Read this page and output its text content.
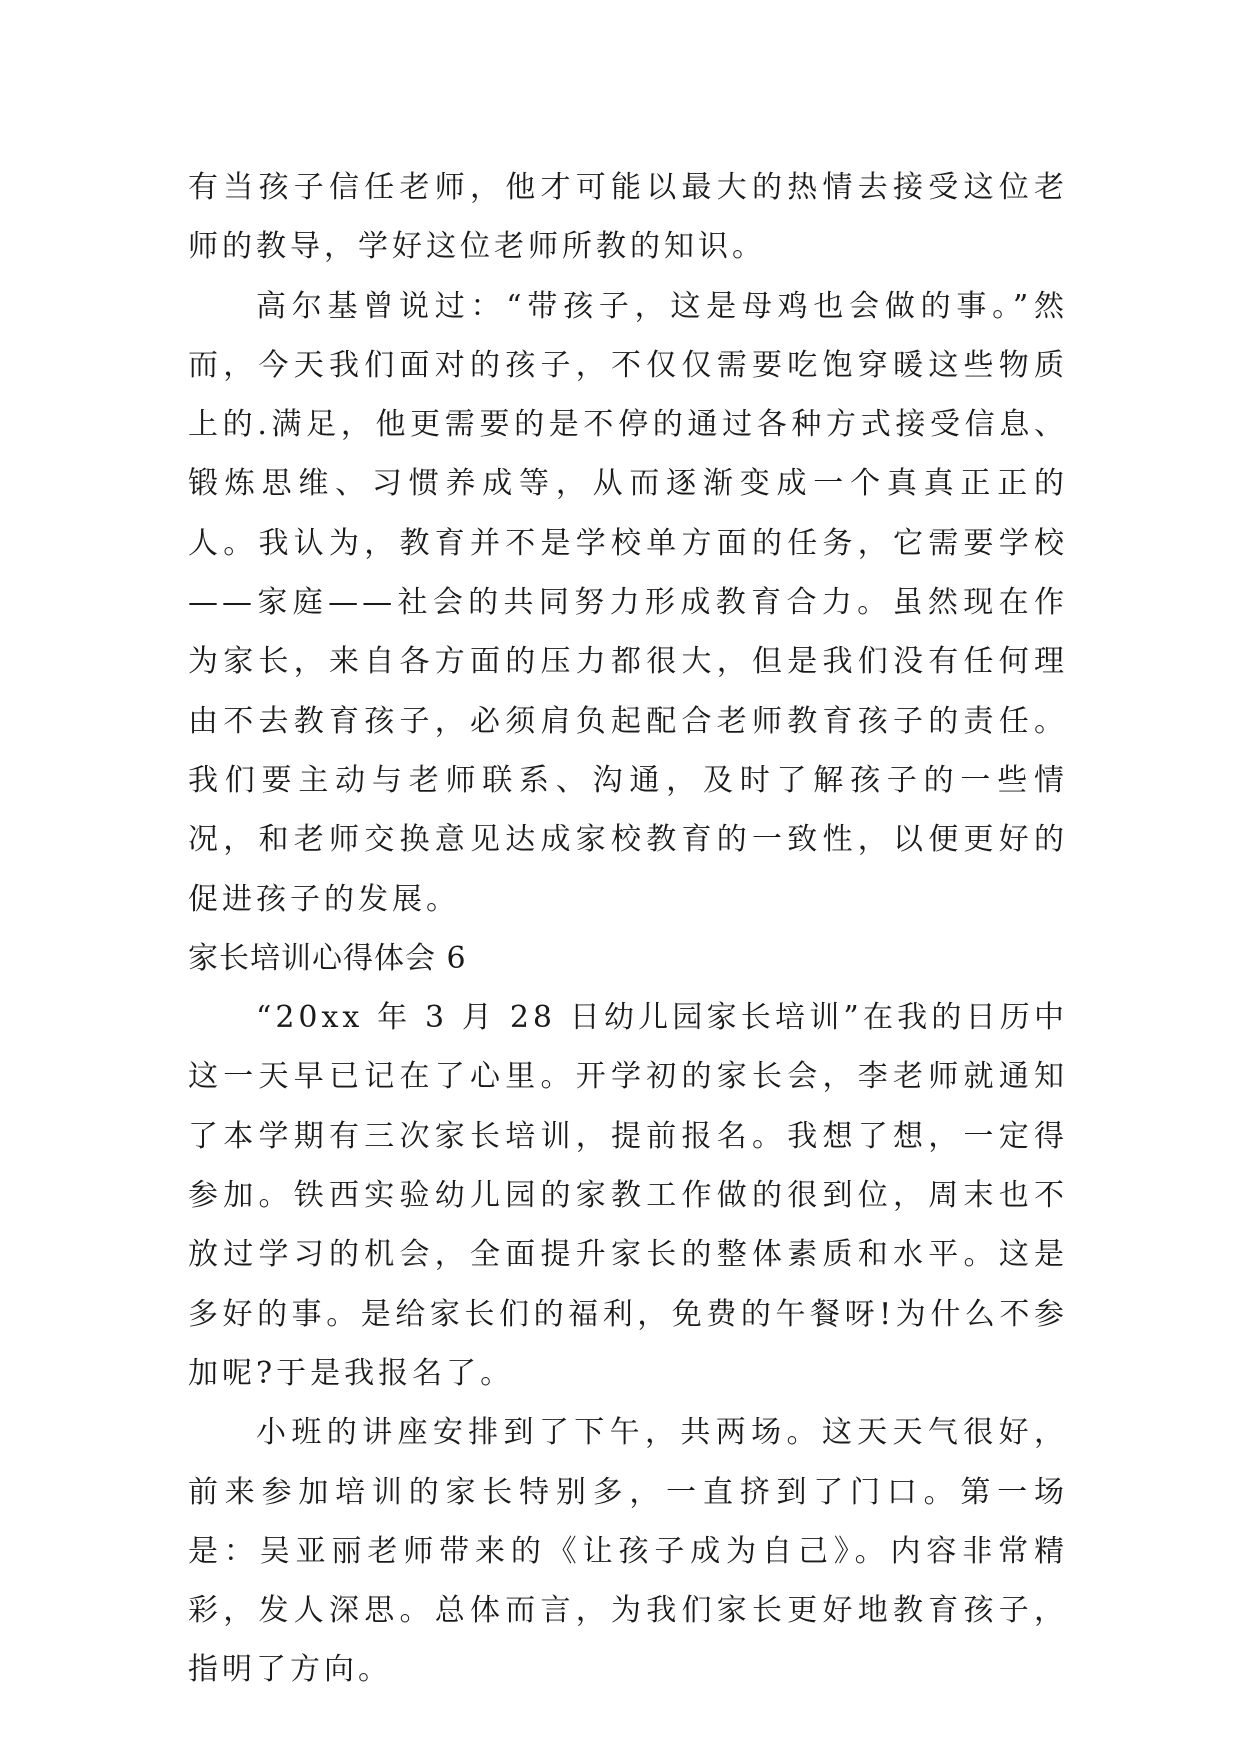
有当孩子信任老师，他才可能以最大的热情去接受这位老师的教导，学好这位老师所教的知识。

高尔基曾说过：“带孩子，这是母鸡也会做的事。”然而，今天我们面对的孩子，不仅仅需要吃饱穿暖这些物质上的.满足，他更需要的是不停的通过各种方式接受信息、锻炼思维、习惯养成等，从而逐渐变成一个真真正正的人。我认为，教育并不是学校单方面的任务，它需要学校——家庭——社会的共同努力形成教育合力。虽然现在作为家长，来自各方面的压力都很大，但是我们没有任何理由不去教育孩子，必须肩负起配合老师教育孩子的责任。我们要主动与老师联系、沟通，及时了解孩子的一些情况，和老师交换意见达成家校教育的一致性，以便更好的促进孩子的发展。

家长培训心得体会 6

“20xx 年 3 月 28 日幼儿园家长培训”在我的日历中这一天早已记在了心里。开学初的家长会，李老师就通知了本学期有三次家长培训，提前报名。我想了想，一定得参加。铁西实验幼儿园的家教工作做的很到位，周末也不放过学习的机会，全面提升家长的整体素质和水平。这是多好的事。是给家长们的福利，免费的午餐呀!为什么不参加呢?于是我报名了。

小班的讲座安排到了下午，共两场。这天天气很好，前来参加培训的家长特别多，一直挤到了门口。第一场是：吴亚丽老师带来的《让孩子成为自己》。内容非常精彩，发人深思。总体而言，为我们家长更好地教育孩子，指明了方向。
